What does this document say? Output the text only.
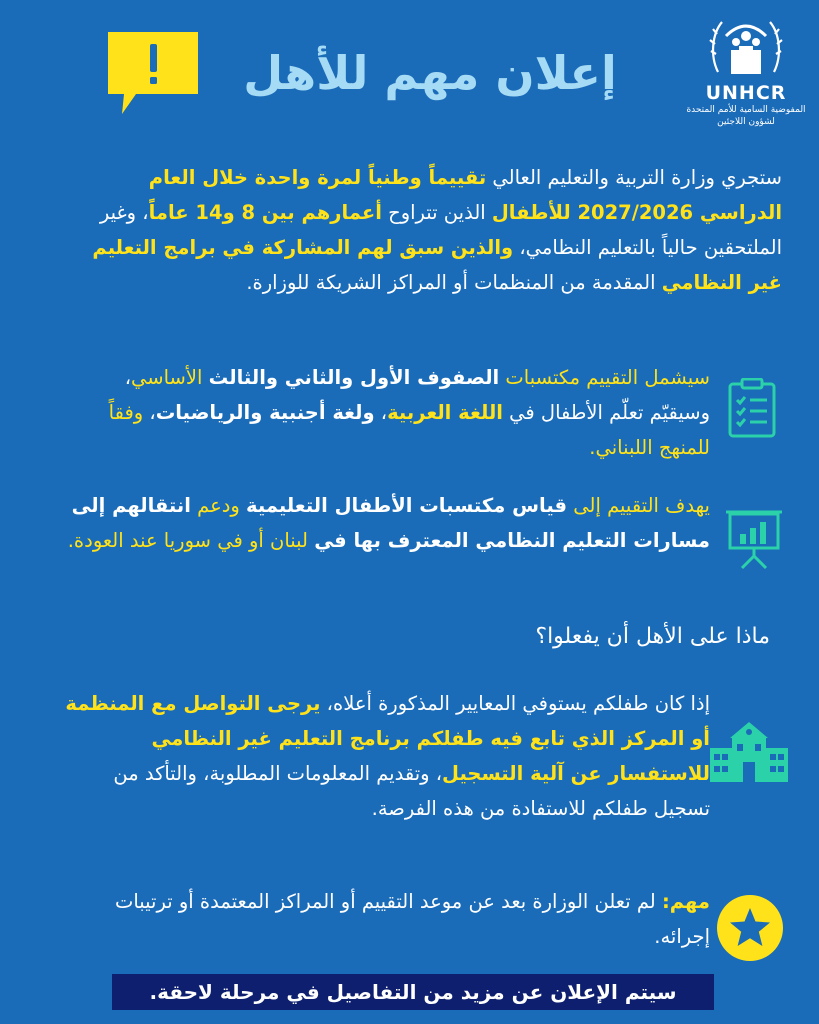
إعلان مهم للأهل	UNHCR
المفوضية السامية للأمم المتحدة
لشؤون اللاجئين
ستجري وزارة التربية والتعليم العالي تقييماً وطنياً لمرة واحدة خلال العام الدراسي 2027/2026 للأطفال الذين تتراوح أعمارهم بين 8 و14 عاماً، وغير الملتحقين حالياً بالتعليم النظامي، والذين سبق لهم المشاركة في برامج التعليم غير النظامي المقدمة من المنظمات أو المراكز الشريكة للوزارة.
سيشمل التقييم مكتسبات الصفوف الأول والثاني والثالث الأساسي، وسيقيّم تعلّم الأطفال في اللغة العربية، ولغة أجنبية والرياضيات، وفقاً للمنهج اللبناني.
يهدف التقييم إلى قياس مكتسبات الأطفال التعليمية ودعم انتقالهم إلى مسارات التعليم النظامي المعترف بها في لبنان أو في سوريا عند العودة.
ماذا على الأهل أن يفعلوا؟
إذا كان طفلكم يستوفي المعايير المذكورة أعلاه، يرجى التواصل مع المنظمة أو المركز الذي تابع فيه طفلكم برنامج التعليم غير النظامي للاستفسار عن آلية التسجيل، وتقديم المعلومات المطلوبة، والتأكد من تسجيل طفلكم للاستفادة من هذه الفرصة.
مهم: لم تعلن الوزارة بعد عن موعد التقييم أو المراكز المعتمدة أو ترتيبات إجرائه.
سيتم الإعلان عن مزيد من التفاصيل في مرحلة لاحقة.
